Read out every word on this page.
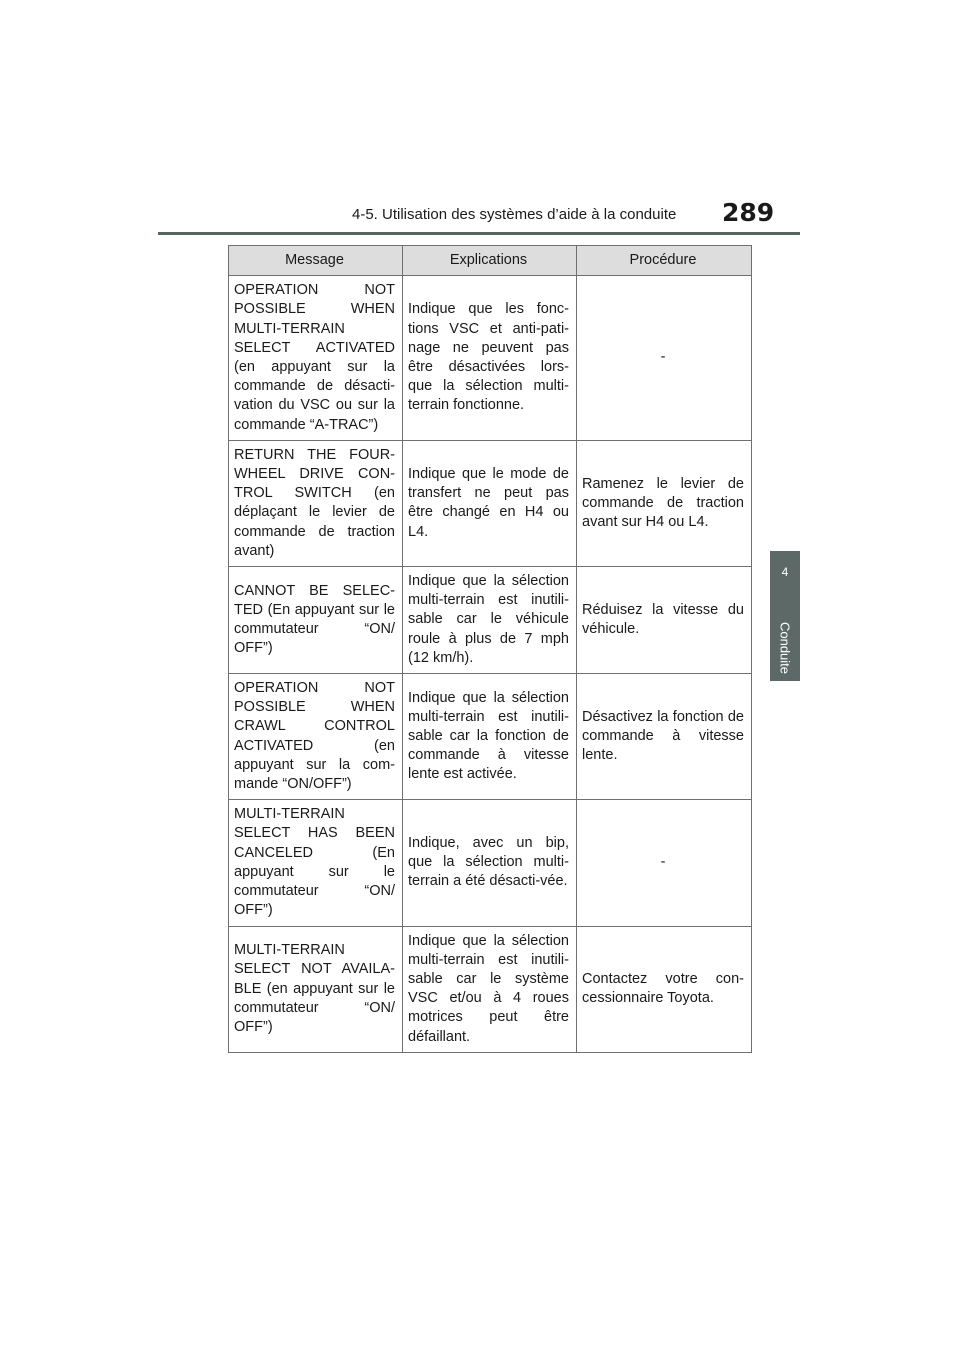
4-5. Utilisation des systèmes d’aide à la conduite 289
4
Conduite
Message	Explications	Procédure
OPERATION NOT POSSIBLE WHEN MULTI-TERRAIN SELECT ACTIVATED (en appuyant sur la commande de désacti-vation du VSC ou sur la commande “A-TRAC”)	Indique que les fonc-tions VSC et anti-pati-nage ne peuvent pas être désactivées lors-que la sélection multi-terrain fonctionne.	-
RETURN THE FOUR-WHEEL DRIVE CON-TROL SWITCH (en déplaçant le levier de commande de traction avant)	Indique que le mode de transfert ne peut pas être changé en H4 ou L4.	Ramenez le levier de commande de traction avant sur H4 ou L4.
CANNOT BE SELEC-TED (En appuyant sur le commutateur “ON/ OFF”)	Indique que la sélection multi-terrain est inutili-sable car le véhicule roule à plus de 7 mph (12 km/h).	Réduisez la vitesse du véhicule.
OPERATION NOT POSSIBLE WHEN CRAWL CONTROL ACTIVATED (en appuyant sur la com-mande “ON/OFF”)	Indique que la sélection multi-terrain est inutili-sable car la fonction de commande à vitesse lente est activée.	Désactivez la fonction de commande à vitesse lente.
MULTI-TERRAIN SELECT HAS BEEN CANCELED (En appuyant sur le commutateur “ON/ OFF”)	Indique, avec un bip, que la sélection multi-terrain a été désacti-vée.	-
MULTI-TERRAIN SELECT NOT AVAILA-BLE (en appuyant sur le commutateur “ON/ OFF”)	Indique que la sélection multi-terrain est inutili-sable car le système VSC et/ou à 4 roues motrices peut être défaillant.	Contactez votre con-cessionnaire Toyota.
